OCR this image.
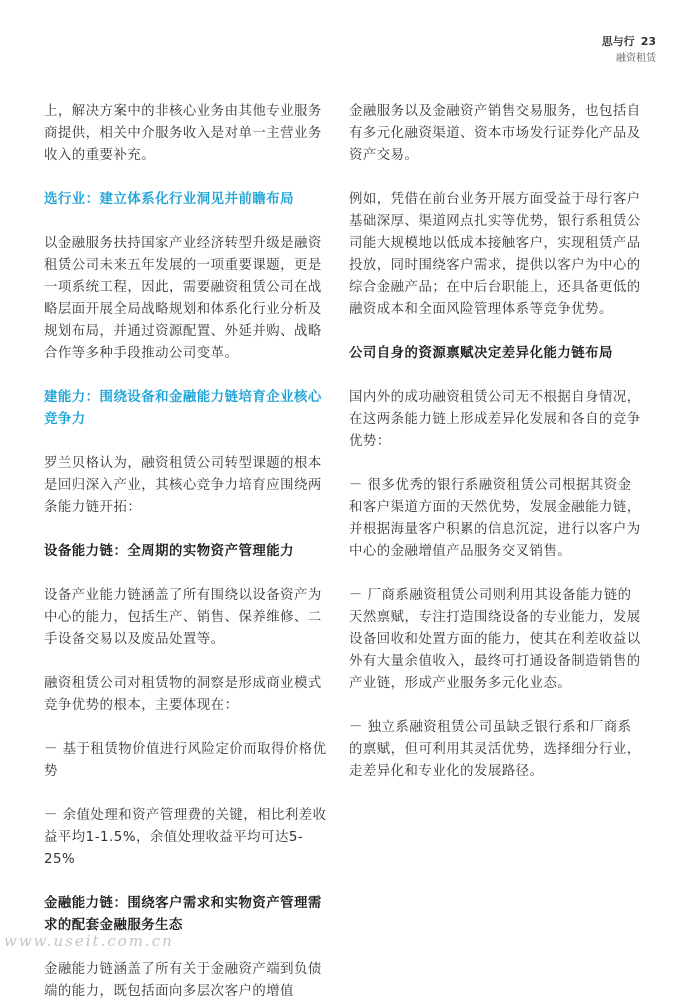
思与行 23
融资租赁

上，解决方案中的非核心业务由其他专业服务商提供，相关中介服务收入是对单一主营业务收入的重要补充。

选行业：建立体系化行业洞见并前瞻布局

以金融服务扶持国家产业经济转型升级是融资租赁公司未来五年发展的一项重要课题，更是一项系统工程，因此，需要融资租赁公司在战略层面开展全局战略规划和体系化行业分析及规划布局，并通过资源配置、外延并购、战略合作等多种手段推动公司变革。

建能力：围绕设备和金融能力链培育企业核心竞争力

罗兰贝格认为，融资租赁公司转型课题的根本是回归深入产业，其核心竞争力培育应围绕两条能力链开拓：

设备能力链：全周期的实物资产管理能力

设备产业能力链涵盖了所有围绕以设备资产为中心的能力，包括生产、销售、保养维修、二手设备交易以及废品处置等。

融资租赁公司对租赁物的洞察是形成商业模式竞争优势的根本，主要体现在：

－ 基于租赁物价值进行风险定价而取得价格优势

－ 余值处理和资产管理费的关键，相比利差收益平均1-1.5%，余值处理收益平均可达5-25%

金融能力链：围绕客户需求和实物资产管理需求的配套金融服务生态

金融能力链涵盖了所有关于金融资产端到负债端的能力，既包括面向多层次客户的增值

金融服务以及金融资产销售交易服务，也包括自有多元化融资渠道、资本市场发行证券化产品及资产交易。

例如，凭借在前台业务开展方面受益于母行客户基础深厚、渠道网点扎实等优势，银行系租赁公司能大规模地以低成本接触客户，实现租赁产品投放，同时围绕客户需求，提供以客户为中心的综合金融产品；在中后台职能上，还具备更低的融资成本和全面风险管理体系等竞争优势。

公司自身的资源禀赋决定差异化能力链布局

国内外的成功融资租赁公司无不根据自身情况，在这两条能力链上形成差异化发展和各自的竞争优势：

－ 很多优秀的银行系融资租赁公司根据其资金和客户渠道方面的天然优势，发展金融能力链，并根据海量客户积累的信息沉淀，进行以客户为中心的金融增值产品服务交叉销售。

－ 厂商系融资租赁公司则利用其设备能力链的天然禀赋，专注打造围绕设备的专业能力，发展设备回收和处置方面的能力，使其在利差收益以外有大量余值收入，最终可打通设备制造销售的产业链，形成产业服务多元化业态。

－ 独立系融资租赁公司虽缺乏银行系和厂商系的禀赋，但可利用其灵活优势，选择细分行业，走差异化和专业化的发展路径。

www.useit.com.cn
